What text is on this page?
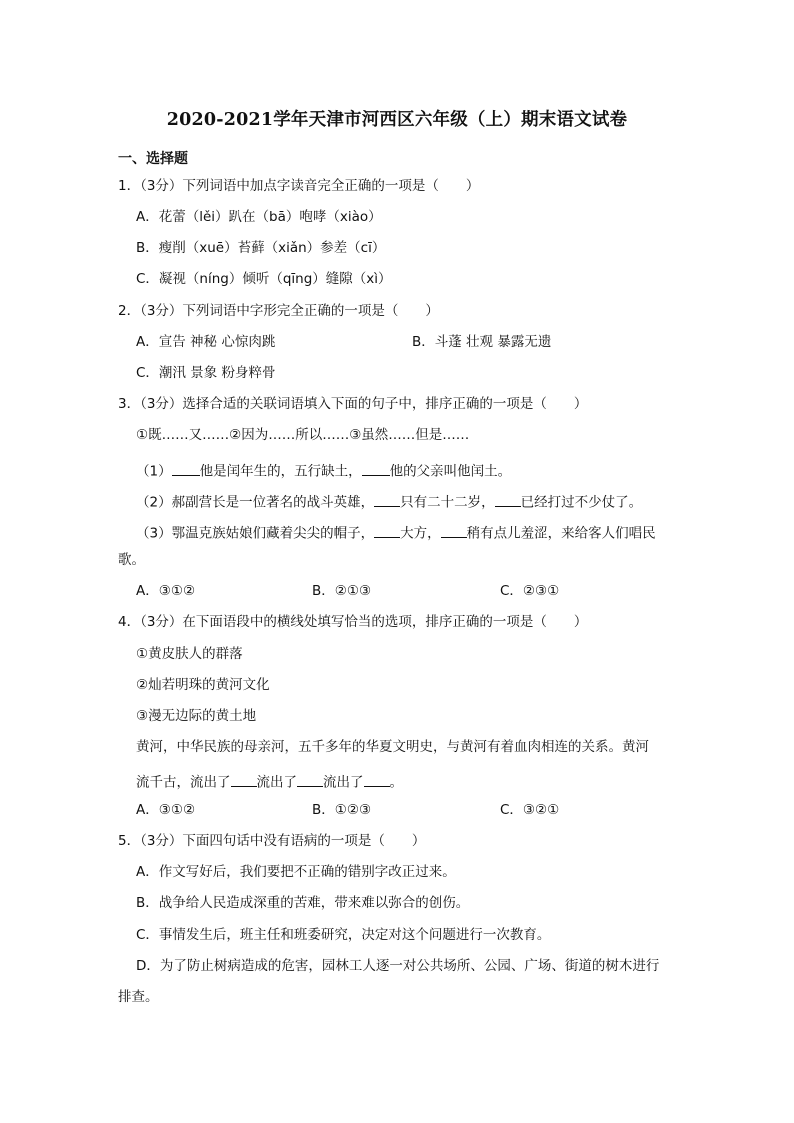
2020-2021学年天津市河西区六年级（上）期末语文试卷
一、选择题
1．（3分）下列词语中加点字读音完全正确的一项是（　　）
A．花蕾（lěi）趴在（bā）咆哮（xiào）
B．瘦削（xuē）苔藓（xiǎn）参差（cī）
C．凝视（níng）倾听（qīng）缝隙（xì）
2．（3分）下列词语中字形完全正确的一项是（　　）
A．宣告 神秘 心惊肉跳	B．斗蓬 壮观 暴露无遗
C．潮汛 景象 粉身粹骨
3．（3分）选择合适的关联词语填入下面的句子中，排序正确的一项是（　　）
①既……又……②因为……所以……③虽然……但是……
（1） 他是闰年生的，五行缺土， 他的父亲叫他闰土。
（2）郝副营长是一位著名的战斗英雄， 只有二十二岁， 已经打过不少仗了。
（3）鄂温克族姑娘们藏着尖尖的帽子， 大方， 稍有点儿羞涩，来给客人们唱民
歌。
A．③①②	B．②①③	C．②③①
4．（3分）在下面语段中的横线处填写恰当的选项，排序正确的一项是（　　）
①黄皮肤人的群落
②灿若明珠的黄河文化
③漫无边际的黄土地
黄河，中华民族的母亲河，五千多年的华夏文明史，与黄河有着血肉相连的关系。黄河
流千古，流出了 流出了 流出了 。
A．③①②	B．①②③	C．③②①
5．（3分）下面四句话中没有语病的一项是（　　）
A．作文写好后，我们要把不正确的错别字改正过来。
B．战争给人民造成深重的苦难，带来难以弥合的创伤。
C．事情发生后，班主任和班委研究，决定对这个问题进行一次教育。
D．为了防止树病造成的危害，园林工人逐一对公共场所、公园、广场、街道的树木进行
排查。
